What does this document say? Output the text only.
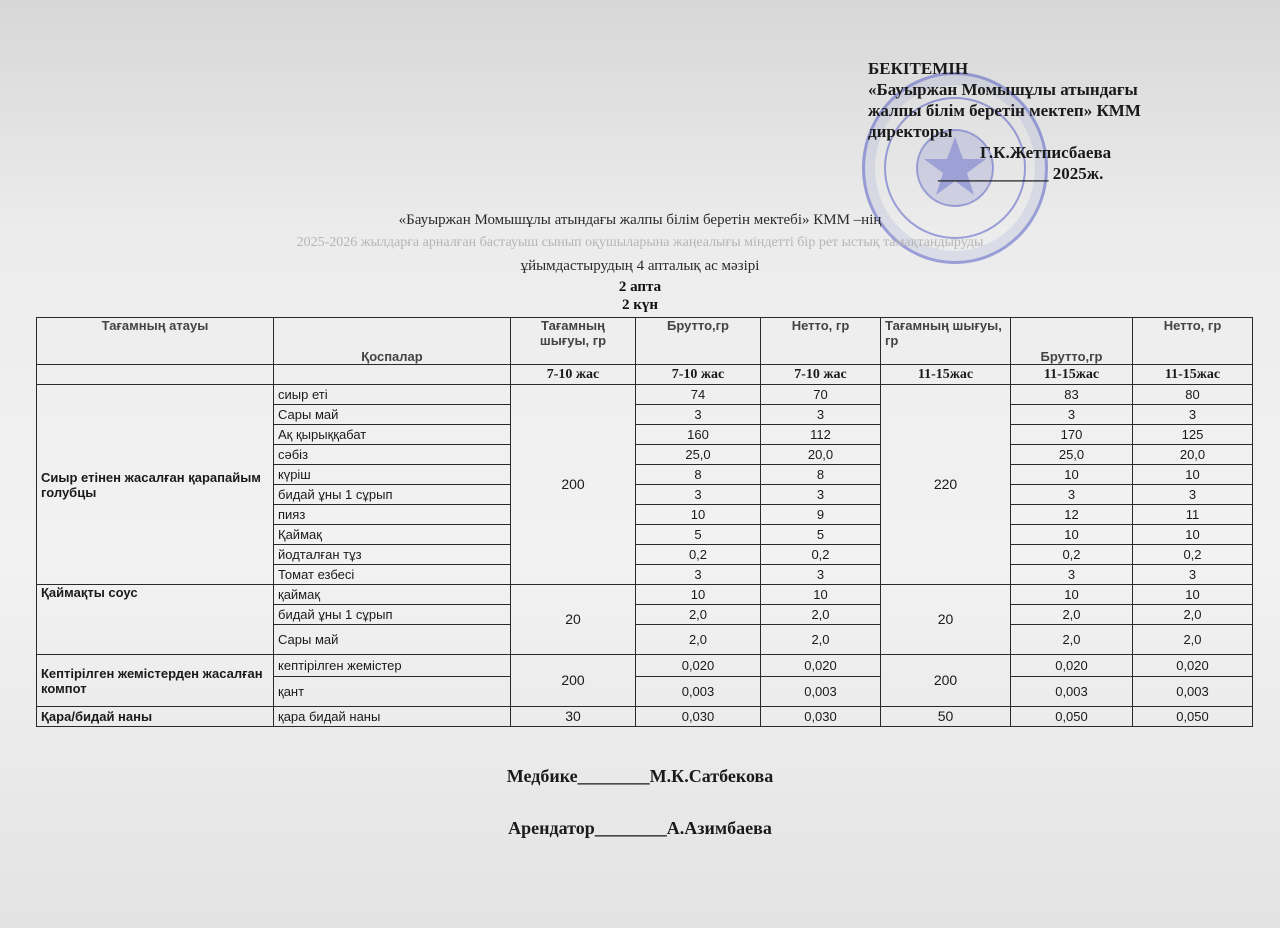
БЕКІТЕМІН
«Бауыржан Момышұлы атындағы
жалпы білім беретін мектеп» КММ
директоры
Г.К.Жетписбаева
_____________ 2025ж.
«Бауыржан Момышұлы атындағы жалпы білім беретін мектебі» КММ –нің
2025-2026 жылдарға арналған бастауыш сынып оқушыларына жаңеалығы міндетті бір рет ыстық тамақтандыруды
ұйымдастырудың 4 апталық ас мәзірі
2 апта
2 күн
Тағамның атауы	Қоспалар	Тағамның шығуы, гр	Брутто,гр	Нетто, гр	Тағамның шығуы, гр	Брутто,гр	Нетто, гр
		7-10 жас	7-10 жас	7-10 жас	11-15жас	11-15жас	11-15жас
Сиыр етінен жасалған қарапайым голубцы	сиыр еті	200	74	70	220	83	80
	Сары май		3	3		3	3
	Ақ қырыққабат		160	112		170	125
	сәбіз		25,0	20,0		25,0	20,0
	күріш		8	8		10	10
	бидай ұны 1 сұрып		3	3		3	3
	пияз		10	9		12	11
	Қаймақ		5	5		10	10
	йодталған тұз		0,2	0,2		0,2	0,2
	Томат езбесі		3	3		3	3
Қаймақты соус	қаймақ	20	10	10	20	10	10
	бидай ұны 1 сұрып		2,0	2,0		2,0	2,0
	Сары май		2,0	2,0		2,0	2,0
Кептірілген жемістерден жасалған компот	кептірілген жемістер	200	0,020	0,020	200	0,020	0,020
	қант		0,003	0,003		0,003	0,003
Қара/бидай наны	қара бидай наны	30	0,030	0,030	50	0,050	0,050
Медбике________М.К.Сатбекова
Арендатор________А.Азимбаева
